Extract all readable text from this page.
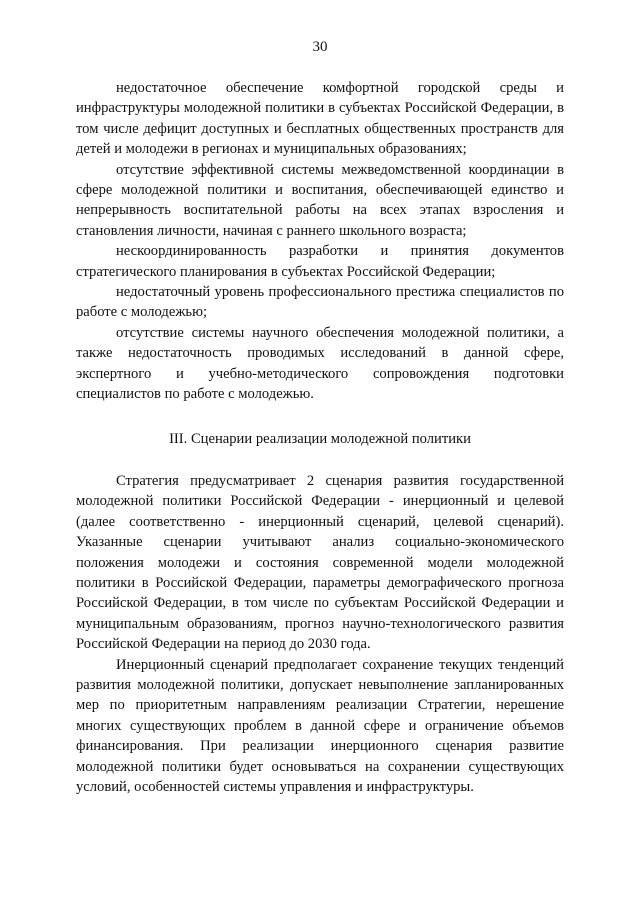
30

недостаточное обеспечение комфортной городской среды и инфраструктуры молодежной политики в субъектах Российской Федерации, в том числе дефицит доступных и бесплатных общественных пространств для детей и молодежи в регионах и муниципальных образованиях;

отсутствие эффективной системы межведомственной координации в сфере молодежной политики и воспитания, обеспечивающей единство и непрерывность воспитательной работы на всех этапах взросления и становления личности, начиная с раннего школьного возраста;

нескоординированность разработки и принятия документов стратегического планирования в субъектах Российской Федерации;

недостаточный уровень профессионального престижа специалистов по работе с молодежью;

отсутствие системы научного обеспечения молодежной политики, а также недостаточность проводимых исследований в данной сфере, экспертного и учебно-методического сопровождения подготовки специалистов по работе с молодежью.

III. Сценарии реализации молодежной политики

Стратегия предусматривает 2 сценария развития государственной молодежной политики Российской Федерации - инерционный и целевой (далее соответственно - инерционный сценарий, целевой сценарий). Указанные сценарии учитывают анализ социально-экономического положения молодежи и состояния современной модели молодежной политики в Российской Федерации, параметры демографического прогноза Российской Федерации, в том числе по субъектам Российской Федерации и муниципальным образованиям, прогноз научно-технологического развития Российской Федерации на период до 2030 года.

Инерционный сценарий предполагает сохранение текущих тенденций развития молодежной политики, допускает невыполнение запланированных мер по приоритетным направлениям реализации Стратегии, нерешение многих существующих проблем в данной сфере и ограничение объемов финансирования. При реализации инерционного сценария развитие молодежной политики будет основываться на сохранении существующих условий, особенностей системы управления и инфраструктуры.
